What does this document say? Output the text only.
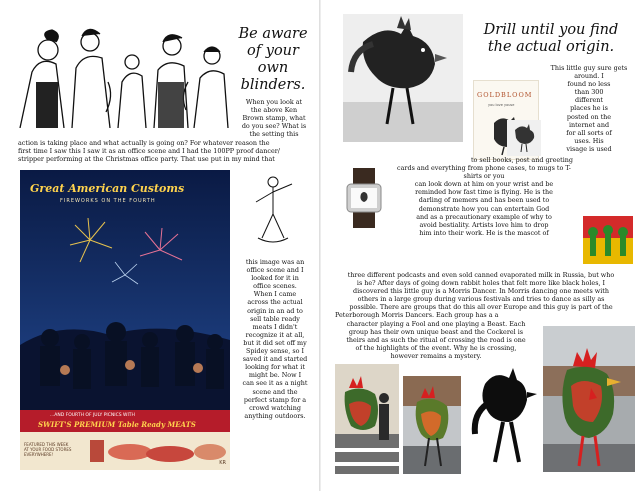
Be aware
of your
own
blinders.
When you look at
the above Ken
Brown stamp, what
do you see? What is
the setting this
action is taking place and what actually is going on? For whatever reason the
first time I saw this I saw it as an office scene and I had the 100PP proof dancer/
stripper performing at the Christmas office party. That use put in my mind that
Great American Customs
FIREWORKS ON THE FOURTH
...AND FOURTH OF JULY PICNICS WITH
SWIFT'S PREMIUM Table Ready MEATS
FEATURED THIS WEEK
AT YOUR FOOD STORES
EVERYWHERE!
KR
this image was an
office scene and I
looked for it in
office scenes.
When I came
across the actual
origin in an ad to
sell table ready
meats I didn't
recognize it at all,
but it did set off my
Spidey sense, so I
saved it and started
looking for what it
might be. Now I
can see it as a night
scene and the
perfect stamp for a
crowd watching
anything outdoors.
Drill until you find
the actual origin.
GOLDBLOOM
you love youse
This little guy sure gets around. I
found no less
than 300
different
places he is
posted on the
internet and
for all sorts of
uses. His
visage is used
to sell books, post and greeting
cards and everything from phone cases, to mugs to T-shirts or you
can look down at him on your wrist and be
reminded how fast time is flying. He is the
darling of memers and has been used to
demonstrate how you can entertain God
and as a precautionary example of why to
avoid bestiality. Artists love him to drop
him into their work. He is the mascot of
three different podcasts and even sold canned evaporated milk in Russia, but who
is he? After days of going down rabbit holes that felt more like black holes, I
discovered this little guy is a Morris Dancer. In Morris dancing one meets with
others in a large group during various festivals and tries to dance as silly as
possible. There are groups that do this all over Europe and this guy is part of the
Peterborough Morris Dancers. Each group has a a
character playing a Fool and one playing a Beast. Each
group has their own unique beast and the Cockerel is
theirs and as such the ritual of crossing the road is one
of the highlights of the event. Why he is crossing,
however remains a mystery.
